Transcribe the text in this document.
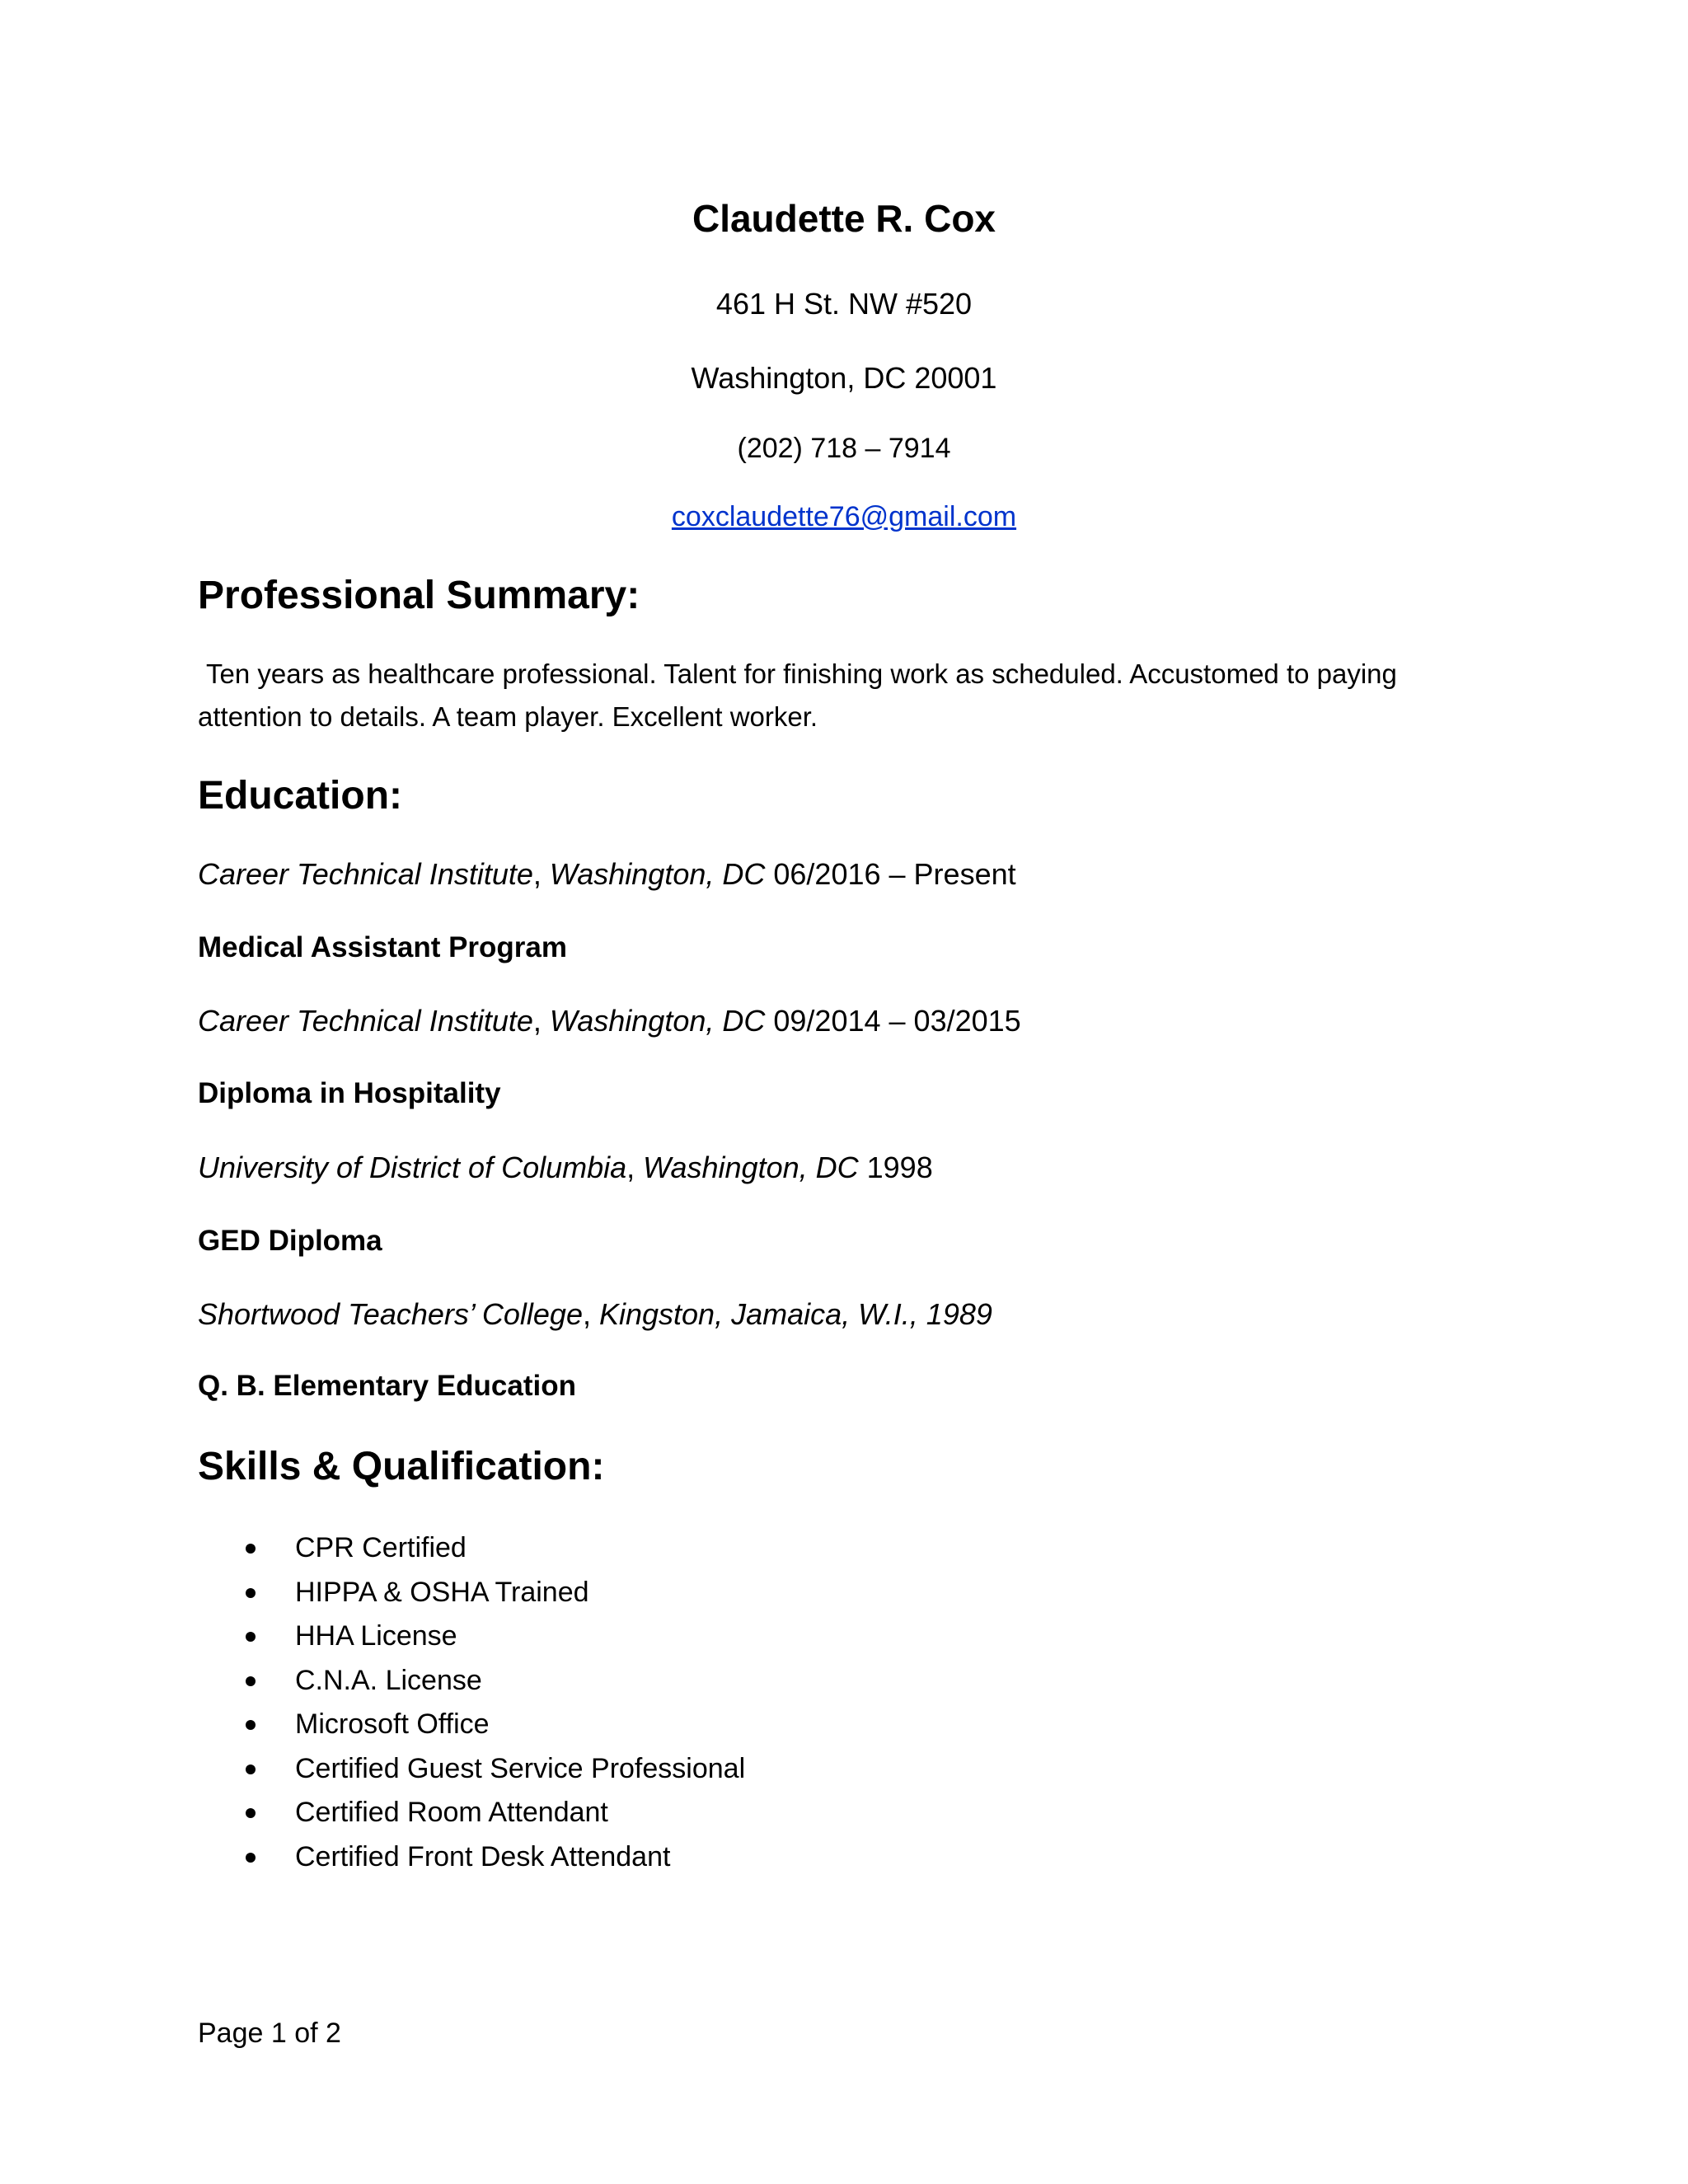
Claudette R. Cox
461 H St. NW #520
Washington, DC 20001
(202) 718 – 7914
coxclaudette76@gmail.com
Professional Summary:
Ten years as healthcare professional. Talent for finishing work as scheduled. Accustomed to paying attention to details. A team player. Excellent worker.
Education:
Career Technical Institute, Washington, DC 06/2016 – Present
Medical Assistant Program
Career Technical Institute, Washington, DC 09/2014 – 03/2015
Diploma in Hospitality
University of District of Columbia, Washington, DC 1998
GED Diploma
Shortwood Teachers’ College, Kingston, Jamaica, W.I., 1989
Q. B. Elementary Education
Skills & Qualification:
CPR Certified
HIPPA & OSHA Trained
HHA License
C.N.A. License
Microsoft Office
Certified Guest Service Professional
Certified Room Attendant
Certified Front Desk Attendant
Page 1 of 2
